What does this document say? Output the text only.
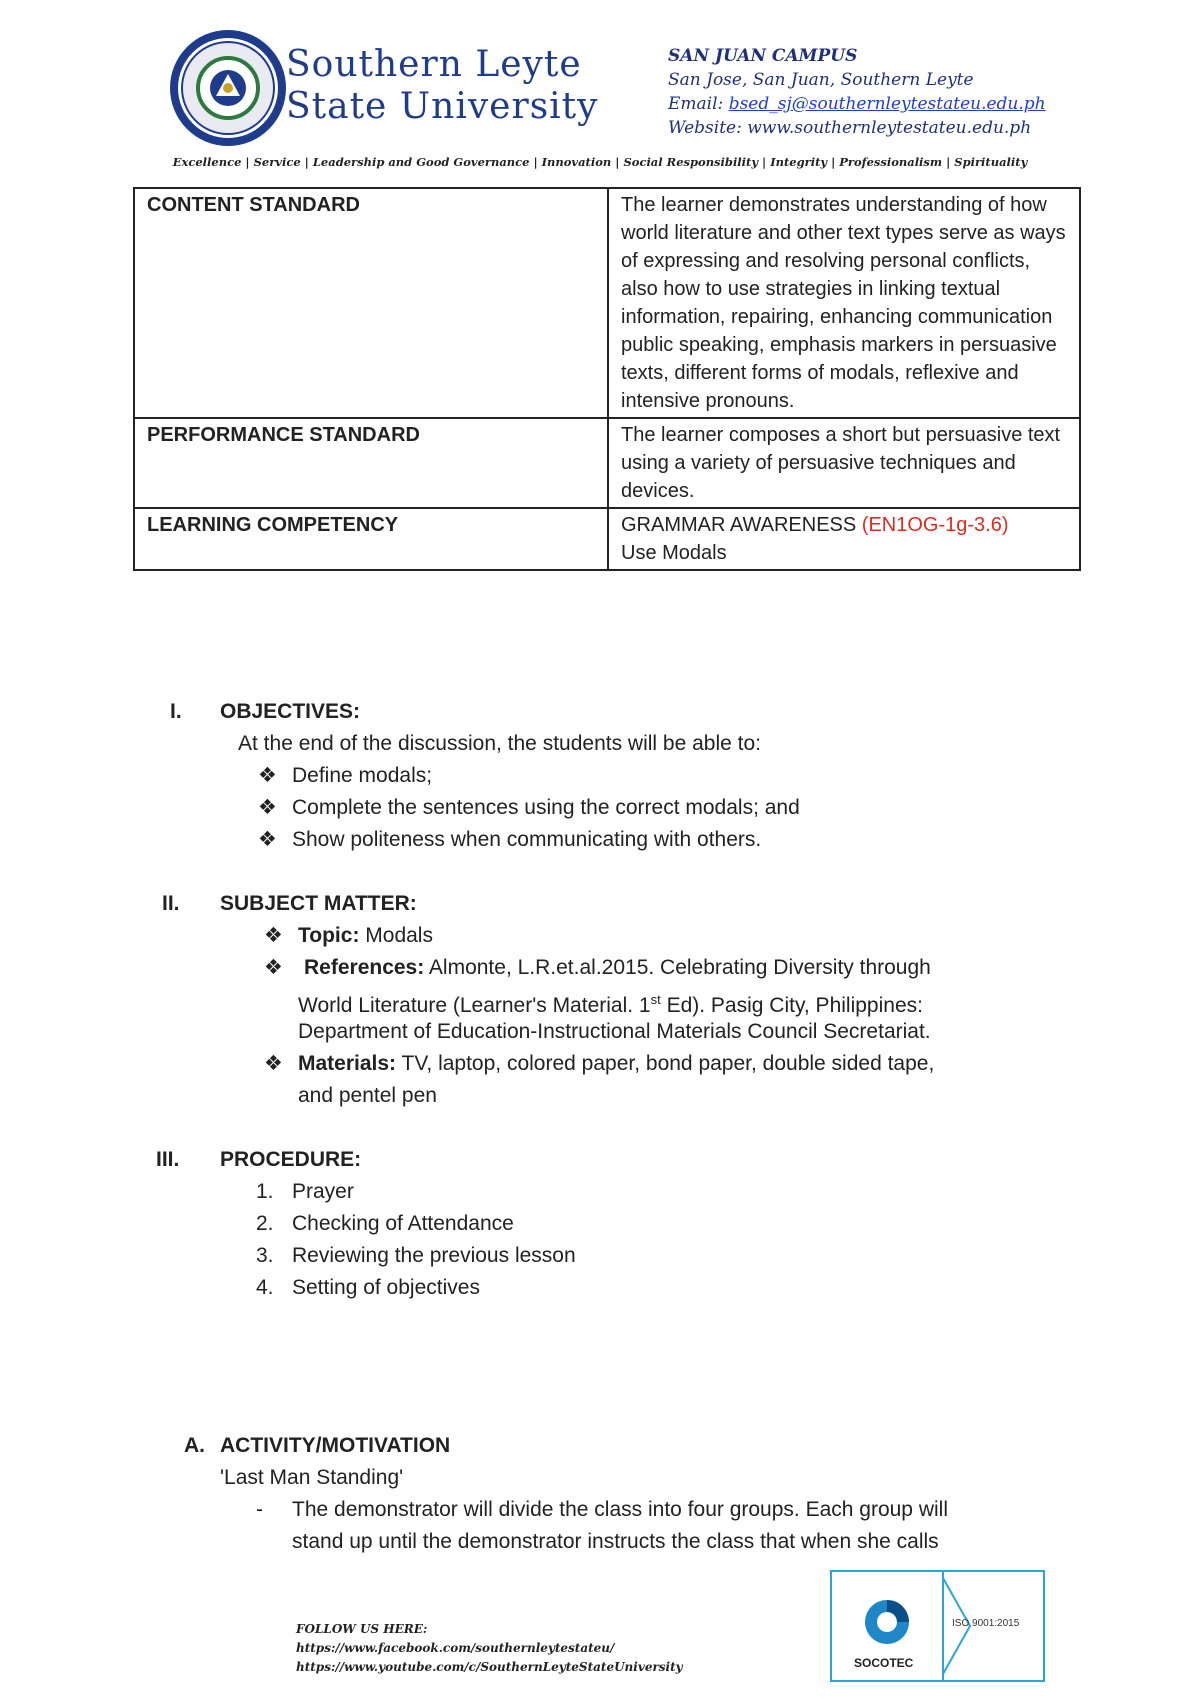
Southern Leyte
State University
SAN JUAN CAMPUS
San Jose, San Juan, Southern Leyte
Email: bsed_sj@southernleytestateu.edu.ph
Website: www.southernleytestateu.edu.ph
Excellence | Service | Leadership and Good Governance | Innovation | Social Responsibility | Integrity | Professionalism | Spirituality
CONTENT STANDARD	The learner demonstrates understanding of how world literature and other text types serve as ways of expressing and resolving personal conflicts, also how to use strategies in linking textual information, repairing, enhancing communication public speaking, emphasis markers in persuasive texts, different forms of modals, reflexive and intensive pronouns.
PERFORMANCE STANDARD	The learner composes a short but persuasive text using a variety of persuasive techniques and devices.
LEARNING COMPETENCY	GRAMMAR AWARENESS (EN1OG-1g-3.6)
Use Modals
I. OBJECTIVES:
At the end of the discussion, the students will be able to:
❖ Define modals;
❖ Complete the sentences using the correct modals; and
❖ Show politeness when communicating with others.
II. SUBJECT MATTER:
❖ Topic: Modals
❖ References: Almonte, L.R.et.al.2015. Celebrating Diversity through
World Literature (Learner's Material. 1st Ed). Pasig City, Philippines:
Department of Education-Instructional Materials Council Secretariat.
❖ Materials: TV, laptop, colored paper, bond paper, double sided tape,
and pentel pen
III. PROCEDURE:
1. Prayer
2. Checking of Attendance
3. Reviewing the previous lesson
4. Setting of objectives
A. ACTIVITY/MOTIVATION
'Last Man Standing'
- The demonstrator will divide the class into four groups. Each group will
stand up until the demonstrator instructs the class that when she calls
FOLLOW US HERE:
https://www.facebook.com/southernleytestateu/
https://www.youtube.com/c/SouthernLeyteStateUniversity
ISO 9001:2015
SOCOTEC
